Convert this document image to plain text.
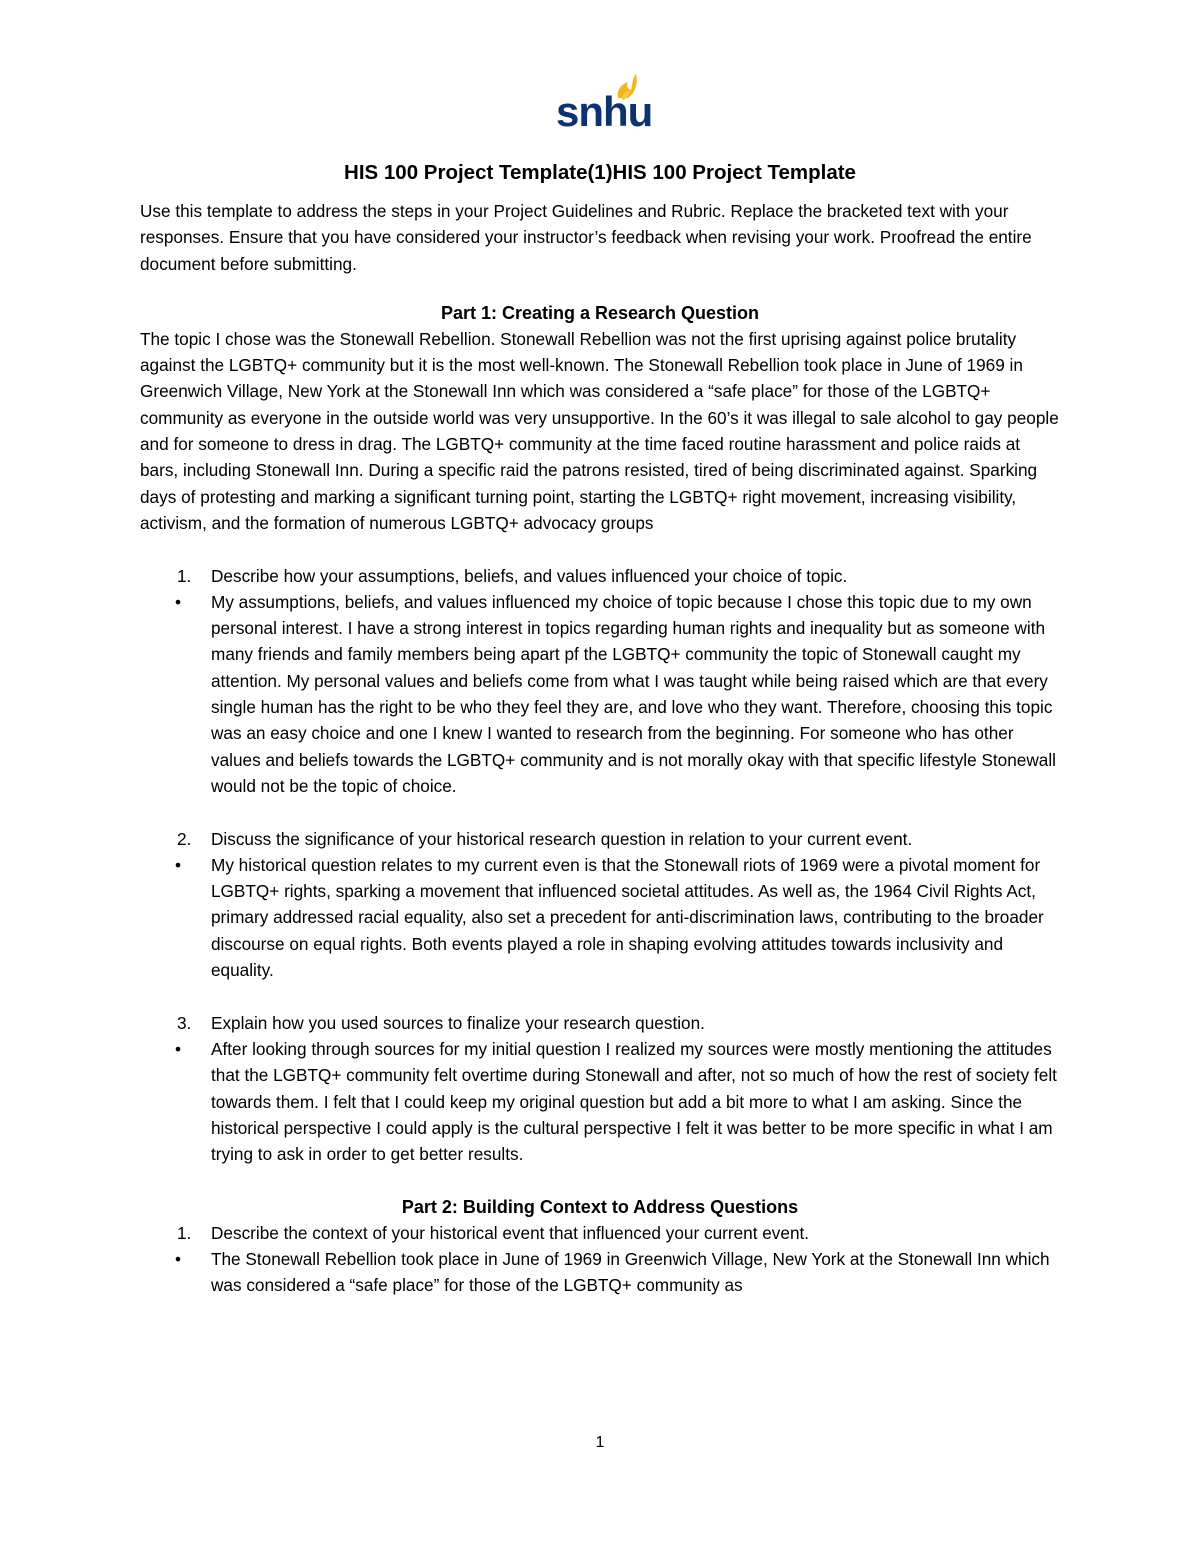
snhu
HIS 100 Project Template(1)HIS 100 Project Template

Use this template to address the steps in your Project Guidelines and Rubric. Replace the bracketed text with your responses. Ensure that you have considered your instructor’s feedback when revising your work. Proofread the entire document before submitting.

Part 1: Creating a Research Question

The topic I chose was the Stonewall Rebellion. Stonewall Rebellion was not the first uprising against police brutality against the LGBTQ+ community but it is the most well-known. The Stonewall Rebellion took place in June of 1969 in Greenwich Village, New York at the Stonewall Inn which was considered a “safe place” for those of the LGBTQ+ community as everyone in the outside world was very unsupportive. In the 60’s it was illegal to sale alcohol to gay people and for someone to dress in drag. The LGBTQ+ community at the time faced routine harassment and police raids at bars, including Stonewall Inn. During a specific raid the patrons resisted, tired of being discriminated against. Sparking days of protesting and marking a significant turning point, starting the LGBTQ+ right movement, increasing visibility, activism, and the formation of numerous LGBTQ+ advocacy groups

1. Describe how your assumptions, beliefs, and values influenced your choice of topic.
• My assumptions, beliefs, and values influenced my choice of topic because I chose this topic due to my own personal interest. I have a strong interest in topics regarding human rights and inequality but as someone with many friends and family members being apart pf the LGBTQ+ community the topic of Stonewall caught my attention. My personal values and beliefs come from what I was taught while being raised which are that every single human has the right to be who they feel they are, and love who they want. Therefore, choosing this topic was an easy choice and one I knew I wanted to research from the beginning. For someone who has other values and beliefs towards the LGBTQ+ community and is not morally okay with that specific lifestyle Stonewall would not be the topic of choice.
2. Discuss the significance of your historical research question in relation to your current event.
• My historical question relates to my current even is that the Stonewall riots of 1969 were a pivotal moment for LGBTQ+ rights, sparking a movement that influenced societal attitudes. As well as, the 1964 Civil Rights Act, primary addressed racial equality, also set a precedent for anti-discrimination laws, contributing to the broader discourse on equal rights. Both events played a role in shaping evolving attitudes towards inclusivity and equality.
3. Explain how you used sources to finalize your research question.
• After looking through sources for my initial question I realized my sources were mostly mentioning the attitudes that the LGBTQ+ community felt overtime during Stonewall and after, not so much of how the rest of society felt towards them. I felt that I could keep my original question but add a bit more to what I am asking. Since the historical perspective I could apply is the cultural perspective I felt it was better to be more specific in what I am trying to ask in order to get better results.
Part 2: Building Context to Address Questions
1. Describe the context of your historical event that influenced your current event.
• The Stonewall Rebellion took place in June of 1969 in Greenwich Village, New York at the Stonewall Inn which was considered a “safe place” for those of the LGBTQ+ community as
1
